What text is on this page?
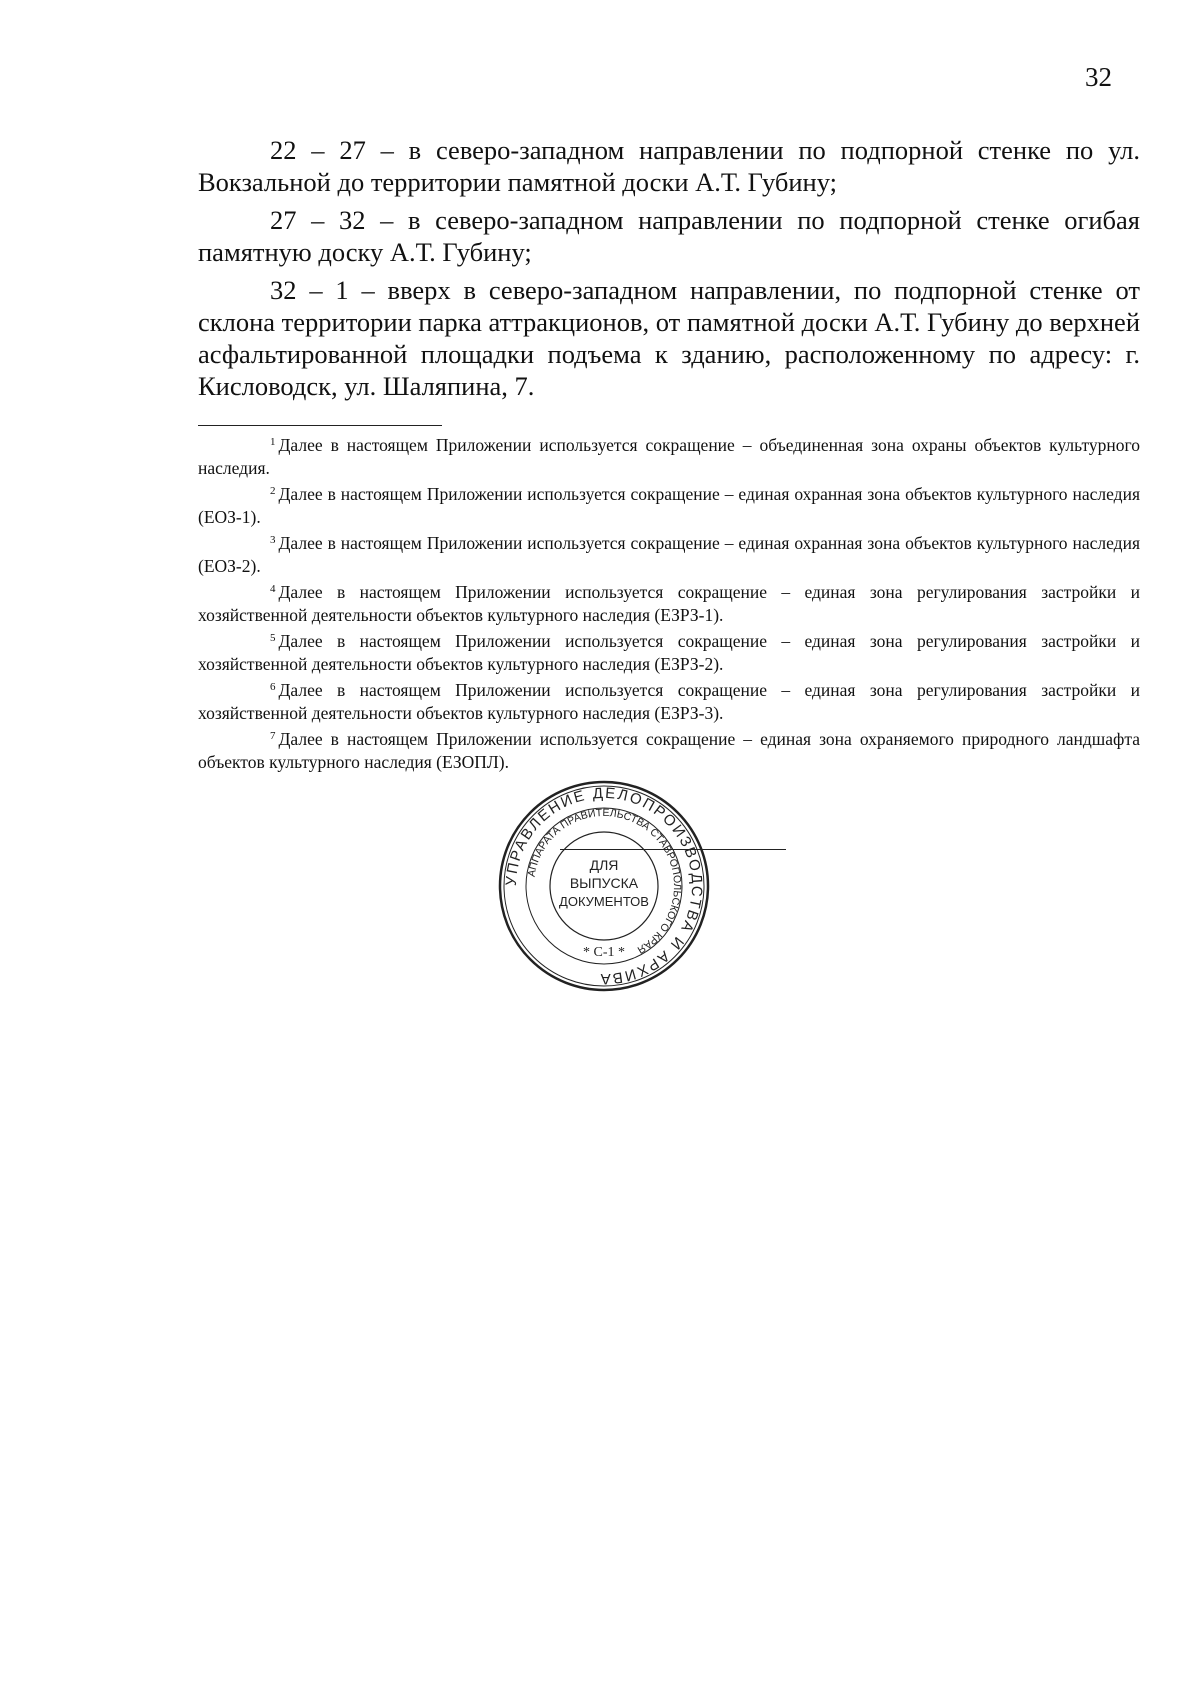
32

22 – 27 – в северо-западном направлении по подпорной стенке по ул. Вокзальной до территории памятной доски А.Т. Губину;

27 – 32 – в северо-западном направлении по подпорной стенке огибая памятную доску А.Т. Губину;

32 – 1 – вверх в северо-западном направлении, по подпорной стенке от склона территории парка аттракционов, от памятной доски А.Т. Губину до верхней асфальтированной площадки подъема к зданию, расположенному по адресу: г. Кисловодск, ул. Шаляпина, 7.

$^1$ Далее в настоящем Приложении используется сокращение – объединенная зона охраны объектов культурного наследия.

$^2$ Далее в настоящем Приложении используется сокращение – единая охранная зона объектов культурного наследия (ЕОЗ-1).

$^3$ Далее в настоящем Приложении используется сокращение – единая охранная зона объектов культурного наследия (ЕОЗ-2).

$^4$ Далее в настоящем Приложении используется сокращение – единая зона регулирования застройки и хозяйственной деятельности объектов культурного наследия (ЕЗРЗ-1).

$^5$ Далее в настоящем Приложении используется сокращение – единая зона регулирования застройки и хозяйственной деятельности объектов культурного наследия (ЕЗРЗ-2).

$^6$ Далее в настоящем Приложении используется сокращение – единая зона регулирования застройки и хозяйственной деятельности объектов культурного наследия (ЕЗРЗ-3).

$^7$ Далее в настоящем Приложении используется сокращение – единая зона охраняемого природного ландшафта объектов культурного наследия (ЕЗОПЛ).

УПРАВЛЕНИЕ ДЕЛОПРОИЗВОДСТВА И АРХИВА
АППАРАТА ПРАВИТЕЛЬСТВА СТАВРОПОЛЬСКОГО КРАЯ
ДЛЯ
ВЫПУСКА
ДОКУМЕНТОВ
* С-1 *
